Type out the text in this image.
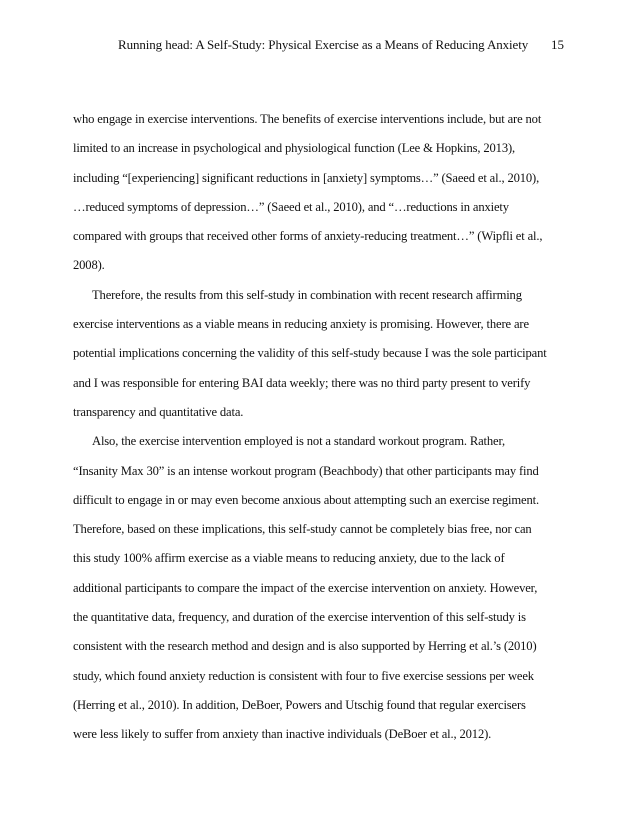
Running head: A Self-Study: Physical Exercise as a Means of Reducing Anxiety 15
who engage in exercise interventions. The benefits of exercise interventions include, but are not
limited to an increase in psychological and physiological function (Lee & Hopkins, 2013),
including “[experiencing] significant reductions in [anxiety] symptoms…” (Saeed et al., 2010),
…reduced symptoms of depression…” (Saeed et al., 2010), and “…reductions in anxiety
compared with groups that received other forms of anxiety-reducing treatment…” (Wipfli et al.,
2008).
Therefore, the results from this self-study in combination with recent research affirming
exercise interventions as a viable means in reducing anxiety is promising. However, there are
potential implications concerning the validity of this self-study because I was the sole participant
and I was responsible for entering BAI data weekly; there was no third party present to verify
transparency and quantitative data.
Also, the exercise intervention employed is not a standard workout program. Rather,
“Insanity Max 30” is an intense workout program (Beachbody) that other participants may find
difficult to engage in or may even become anxious about attempting such an exercise regiment.
Therefore, based on these implications, this self-study cannot be completely bias free, nor can
this study 100% affirm exercise as a viable means to reducing anxiety, due to the lack of
additional participants to compare the impact of the exercise intervention on anxiety. However,
the quantitative data, frequency, and duration of the exercise intervention of this self-study is
consistent with the research method and design and is also supported by Herring et al.’s (2010)
study, which found anxiety reduction is consistent with four to five exercise sessions per week
(Herring et al., 2010). In addition, DeBoer, Powers and Utschig found that regular exercisers
were less likely to suffer from anxiety than inactive individuals (DeBoer et al., 2012).
